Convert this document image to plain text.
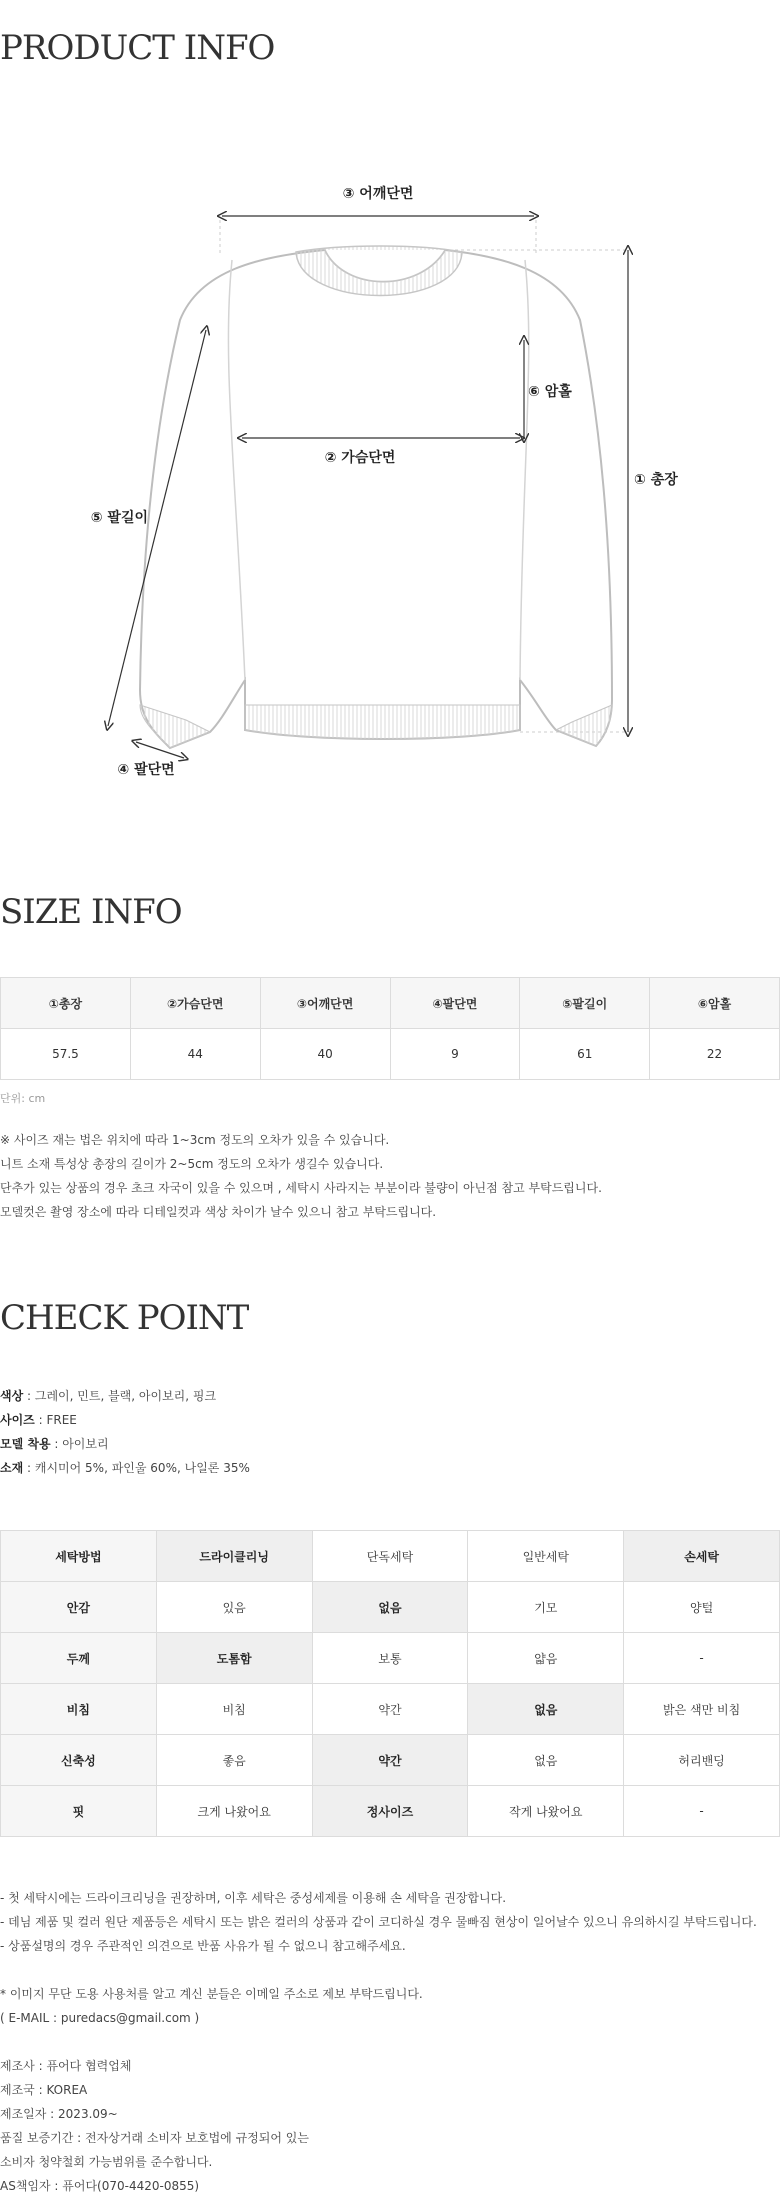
PRODUCT INFO
③ 어깨단면
⑥ 암홀
② 가슴단면
① 총장
⑤ 팔길이
④ 팔단면
SIZE INFO
①총장	②가슴단면	③어깨단면	④팔단면	⑤팔길이	⑥암홀
57.5	44	40	9	61	22
단위: cm
※ 사이즈 재는 법은 위치에 따라 1~3cm 정도의 오차가 있을 수 있습니다.
니트 소재 특성상 총장의 길이가 2~5cm 정도의 오차가 생길수 있습니다.
단추가 있는 상품의 경우 초크 자국이 있을 수 있으며 , 세탁시 사라지는 부분이라 불량이 아닌점 참고 부탁드립니다.
모델컷은 촬영 장소에 따라 디테일컷과 색상 차이가 날수 있으니 참고 부탁드립니다.
CHECK POINT
색상 : 그레이, 민트, 블랙, 아이보리, 핑크
사이즈 : FREE
모델 착용 : 아이보리
소재 : 캐시미어 5%, 파인울 60%, 나일론 35%
세탁방법	드라이클리닝	단독세탁	일반세탁	손세탁
안감	있음	없음	기모	양털
두께	도톰함	보통	얇음	-
비침	비침	약간	없음	밝은 색만 비침
신축성	좋음	약간	없음	허리밴딩
핏	크게 나왔어요	정사이즈	작게 나왔어요	-
- 첫 세탁시에는 드라이크리닝을 권장하며, 이후 세탁은 중성세제를 이용해 손 세탁을 권장합니다.
- 데님 제품 및 컬러 원단 제품등은 세탁시 또는 밝은 컬러의 상품과 같이 코디하실 경우 물빠짐 현상이 일어날수 있으니 유의하시길 부탁드립니다.
- 상품설명의 경우 주관적인 의견으로 반품 사유가 될 수 없으니 참고해주세요.
* 이미지 무단 도용 사용처를 알고 계신 분들은 이메일 주소로 제보 부탁드립니다.
( E-MAIL : puredacs@gmail.com )
제조사 : 퓨어다 협력업체
제조국 : KOREA
제조일자 : 2023.09~
품질 보증기간 : 전자상거래 소비자 보호법에 규정되어 있는
소비자 청약철회 가능범위를 준수합니다.
AS책임자 : 퓨어다(070-4420-0855)
